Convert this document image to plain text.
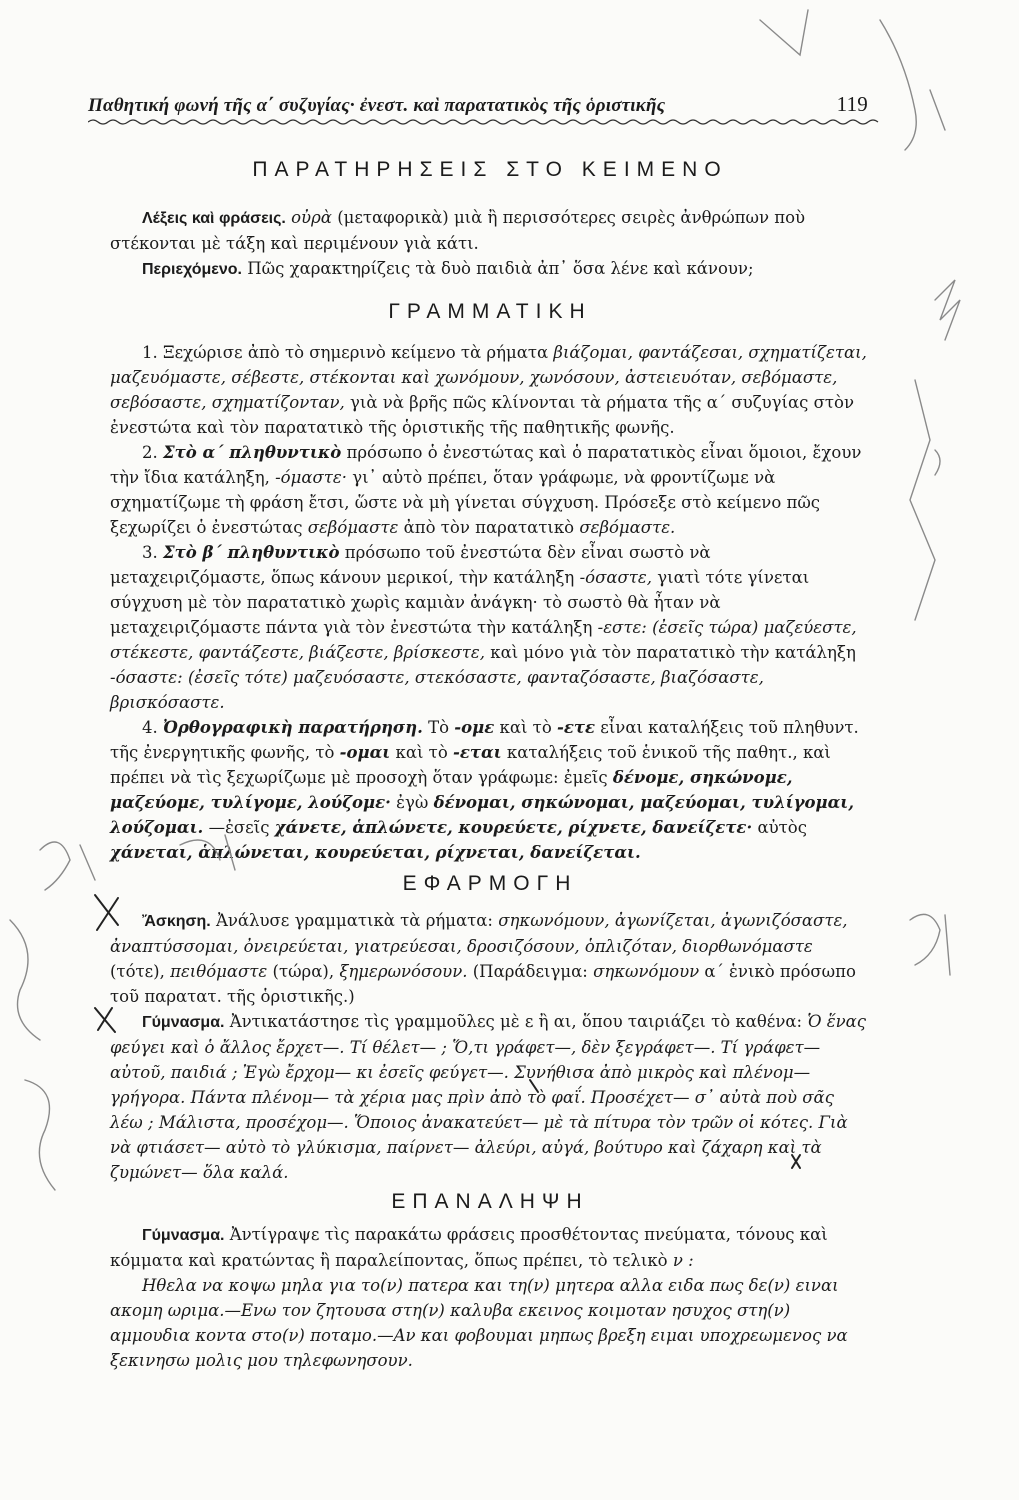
Παθητική φωνή τῆς α΄ συζυγίας· ἐνεστ. καὶ παρατατικὸς τῆς ὁριστικῆς	119
ΠΑΡΑΤΗΡΗΣΕΙΣ ΣΤΟ ΚΕΙΜΕΝΟ

Λέξεις καὶ φράσεις. οὐρὰ (μεταφορικὰ) μιὰ ἢ περισσότερες σειρὲς ἀνθρώπων ποὺ στέκονται μὲ τάξη καὶ περιμένουν γιὰ κάτι.

Περιεχόμενο. Πῶς χαρακτηρίζεις τὰ δυὸ παιδιὰ ἀπ᾿ ὅσα λένε καὶ κάνουν;

ΓΡΑΜΜΑΤΙΚΗ

1. Ξεχώρισε ἀπὸ τὸ σημερινὸ κείμενο τὰ ρήματα βιάζομαι, φαντάζεσαι, σχηματίζεται, μαζευόμαστε, σέβεστε, στέκονται καὶ χωνόμουν, χωνόσουν, ἀστειευόταν, σεβόμαστε, σεβόσαστε, σχηματίζονταν, γιὰ νὰ βρῆς πῶς κλίνονται τὰ ρήματα τῆς α΄ συζυγίας στὸν ἐνεστώτα καὶ τὸν παρατατικὸ τῆς ὁριστικῆς τῆς παθητικῆς φωνῆς.

2. Στὸ α΄ πληθυντικὸ πρόσωπο ὁ ἐνεστώτας καὶ ὁ παρατατικὸς εἶναι ὅμοιοι, ἔχουν τὴν ἴδια κατάληξη, -όμαστε· γι᾿ αὐτὸ πρέπει, ὅταν γράφωμε, νὰ φροντίζωμε νὰ σχηματίζωμε τὴ φράση ἔτσι, ὥστε νὰ μὴ γίνεται σύγχυση. Πρόσεξε στὸ κείμενο πῶς ξεχωρίζει ὁ ἐνεστώτας σεβόμαστε ἀπὸ τὸν παρατατικὸ σεβόμαστε.

3. Στὸ β΄ πληθυντικὸ πρόσωπο τοῦ ἐνεστώτα δὲν εἶναι σωστὸ νὰ μεταχειριζόμαστε, ὅπως κάνουν μερικοί, τὴν κατάληξη -όσαστε, γιατὶ τότε γίνεται σύγχυση μὲ τὸν παρατατικὸ χωρὶς καμιὰν ἀνάγκη· τὸ σωστὸ θὰ ἦταν νὰ μεταχειριζόμαστε πάντα γιὰ τὸν ἐνεστώτα τὴν κατάληξη -εστε: (ἐσεῖς τώρα) μαζεύεστε, στέκεστε, φαντάζεστε, βιάζεστε, βρίσκεστε, καὶ μόνο γιὰ τὸν παρατατικὸ τὴν κατάληξη -όσαστε: (ἐσεῖς τότε) μαζευόσαστε, στεκόσαστε, φανταζόσαστε, βιαζόσαστε, βρισκόσαστε.

4. Ὀρθογραφικὴ παρατήρηση. Τὸ -ομε καὶ τὸ -ετε εἶναι καταλήξεις τοῦ πληθυντ. τῆς ἐνεργητικῆς φωνῆς, τὸ -ομαι καὶ τὸ -εται καταλήξεις τοῦ ἑνικοῦ τῆς παθητ., καὶ πρέπει νὰ τὶς ξεχωρίζωμε μὲ προσοχὴ ὅταν γράφωμε: ἐμεῖς δένομε, σηκώνομε, μαζεύομε, τυλίγομε, λούζομε· ἐγὼ δένομαι, σηκώνομαι, μαζεύομαι, τυλίγομαι, λούζομαι. —ἐσεῖς χάνετε, ἁπλώνετε, κουρεύετε, ρίχνετε, δανείζετε· αὐτὸς χάνεται, ἁπλώνεται, κουρεύεται, ρίχνεται, δανείζεται.

ΕΦΑΡΜΟΓΗ

Ἄσκηση. Ἀνάλυσε γραμματικὰ τὰ ρήματα: σηκωνόμουν, ἀγωνίζεται, ἀγωνιζόσαστε, ἀναπτύσσομαι, ὀνειρεύεται, γιατρεύεσαι, δροσιζόσουν, ὁπλιζόταν, διορθωνόμαστε (τότε), πειθόμαστε (τώρα), ξημερωνόσουν. (Παράδειγμα: σηκωνόμουν α΄ ἑνικὸ πρόσωπο τοῦ παρατατ. τῆς ὁριστικῆς.)

Γύμνασμα. Ἀντικατάστησε τὶς γραμμοῦλες μὲ ε ἢ αι, ὅπου ταιριάζει τὸ καθένα: Ὁ ἕνας φεύγει καὶ ὁ ἄλλος ἔρχετ—. Τί θέλετ— ; Ὅ,τι γράφετ—, δὲν ξεγράφετ—. Τί γράφετ— αὐτοῦ, παιδιά ; Ἐγὼ ἔρχομ— κι ἐσεῖς φεύγετ—. Συνήθισα ἀπὸ μικρὸς καὶ πλένομ— γρήγορα. Πάντα πλένομ— τὰ χέρια μας πρὶν ἀπὸ τὸ φαΐ. Προσέχετ— σ᾿ αὐτὰ ποὺ σᾶς λέω ; Μάλιστα, προσέχομ—. Ὅποιος ἀνακατεύετ— μὲ τὰ πίτυρα τὸν τρῶν οἱ κότες. Γιὰ νὰ φτιάσετ— αὐτὸ τὸ γλύκισμα, παίρνετ— ἀλεύρι, αὐγά, βούτυρο καὶ ζάχαρη καὶ τὰ ζυμώνετ— ὅλα καλά.

ΕΠΑΝΑΛΗΨΗ

Γύμνασμα. Ἀντίγραψε τὶς παρακάτω φράσεις προσθέτοντας πνεύματα, τόνους καὶ κόμματα καὶ κρατώντας ἢ παραλείποντας, ὅπως πρέπει, τὸ τελικὸ ν :

Ηθελα να κοψω μηλα για το(ν) πατερα και τη(ν) μητερα αλλα ειδα πως δε(ν) ειναι ακομη ωριμα.—Ενω τον ζητουσα στη(ν) καλυβα εκεινος κοιμοταν ησυχος στη(ν) αμμουδια κοντα στο(ν) ποταμο.—Αν και φοβουμαι μηπως βρεξη ειμαι υποχρεωμενος να ξεκινησω μολις μου τηλεφωνησουν.
